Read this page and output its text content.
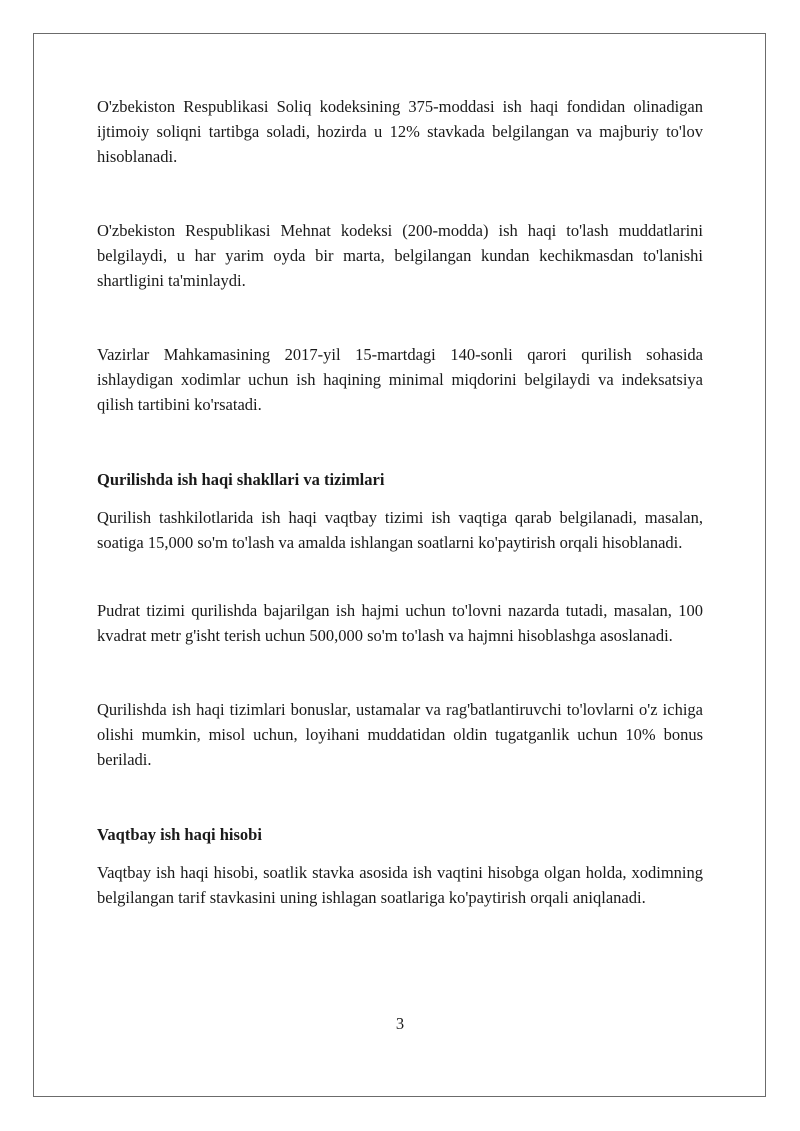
O'zbekiston Respublikasi Soliq kodeksining 375-moddasi ish haqi fondidan olinadigan ijtimoiy soliqni tartibga soladi, hozirda u 12% stavkada belgilangan va majburiy to'lov hisoblanadi.

O'zbekiston Respublikasi Mehnat kodeksi (200-modda) ish haqi to'lash muddatlarini belgilaydi, u har yarim oyda bir marta, belgilangan kundan kechikmasdan to'lanishi shartligini ta'minlaydi.

Vazirlar Mahkamasining 2017-yil 15-martdagi 140-sonli qarori qurilish sohasida ishlaydigan xodimlar uchun ish haqining minimal miqdorini belgilaydi va indeksatsiya qilish tartibini ko'rsatadi.

Qurilishda ish haqi shakllari va tizimlari

Qurilish tashkilotlarida ish haqi vaqtbay tizimi ish vaqtiga qarab belgilanadi, masalan, soatiga 15,000 so'm to'lash va amalda ishlangan soatlarni ko'paytirish orqali hisoblanadi.

Pudrat tizimi qurilishda bajarilgan ish hajmi uchun to'lovni nazarda tutadi, masalan, 100 kvadrat metr g'isht terish uchun 500,000 so'm to'lash va hajmni hisoblashga asoslanadi.

Qurilishda ish haqi tizimlari bonuslar, ustamalar va rag'batlantiruvchi to'lovlarni o'z ichiga olishi mumkin, misol uchun, loyihani muddatidan oldin tugatganlik uchun 10% bonus beriladi.

Vaqtbay ish haqi hisobi

Vaqtbay ish haqi hisobi, soatlik stavka asosida ish vaqtini hisobga olgan holda, xodimning belgilangan tarif stavkasini uning ishlagan soatlariga ko'paytirish orqali aniqlanadi.

3
